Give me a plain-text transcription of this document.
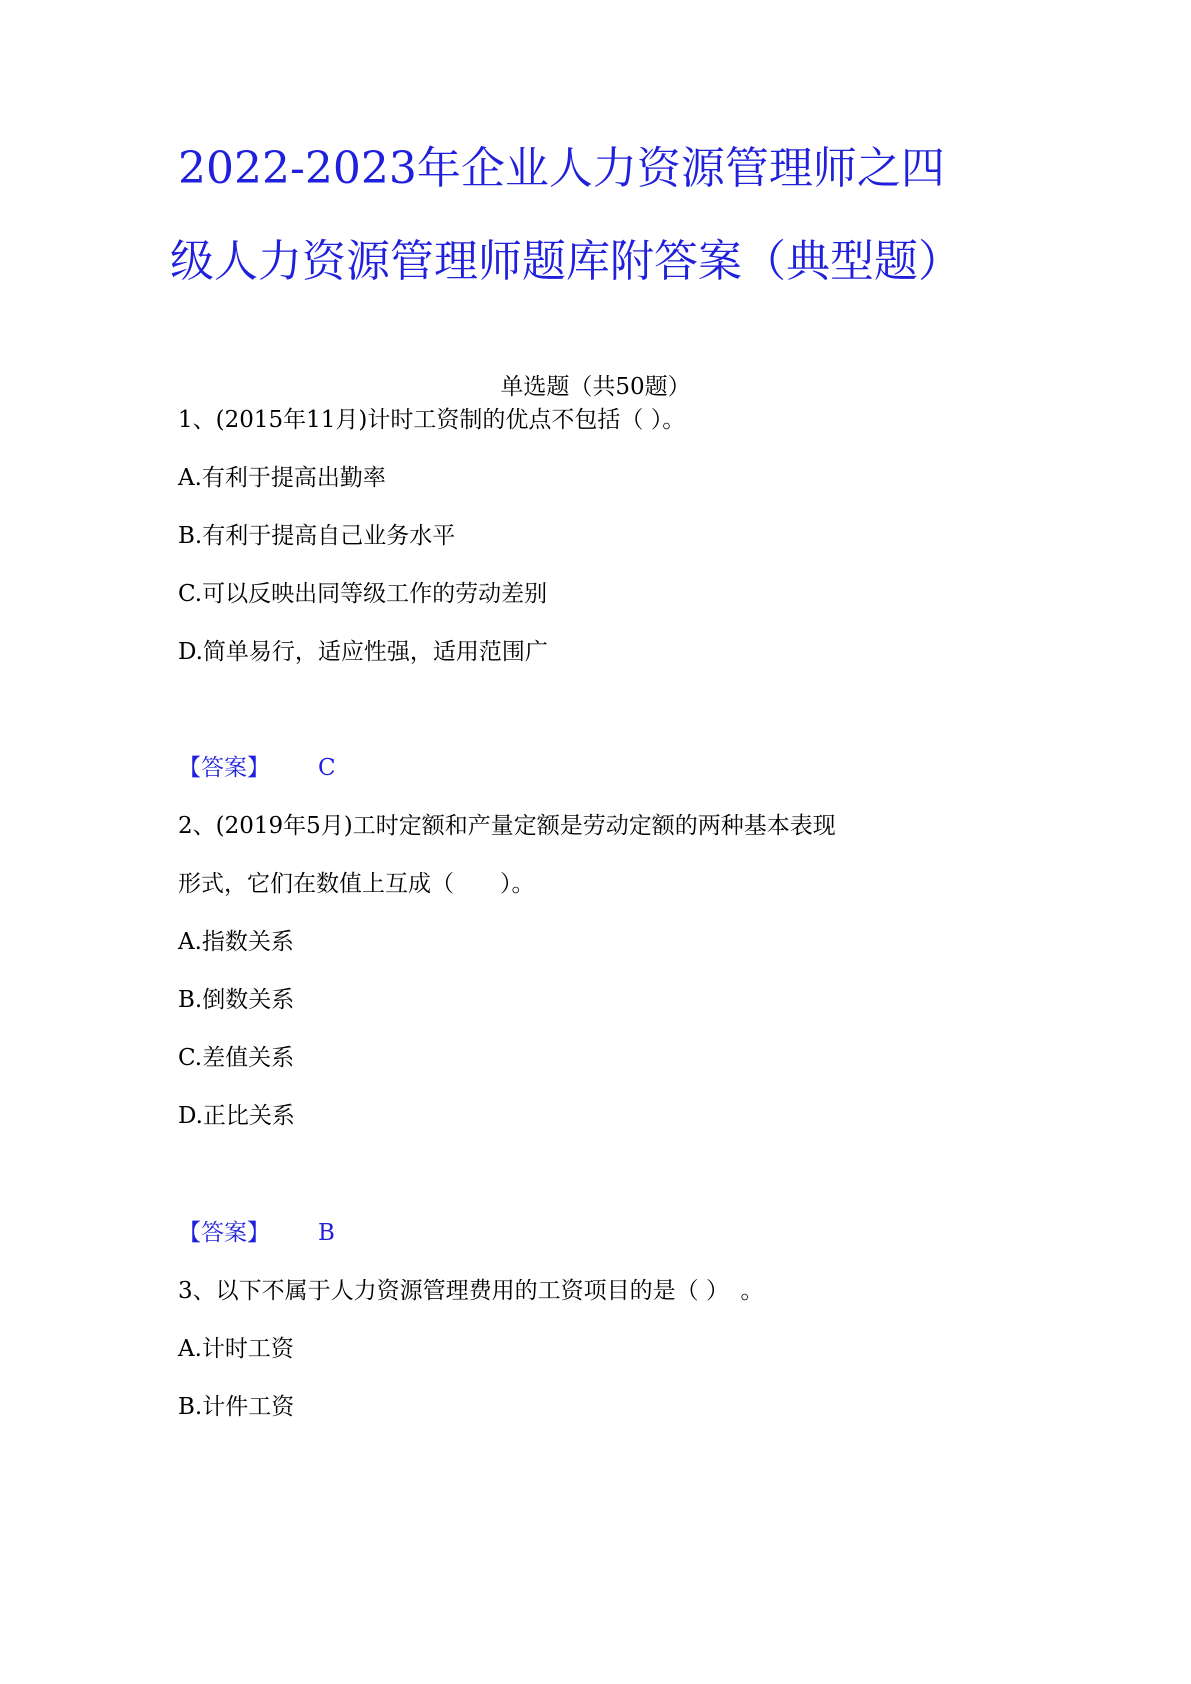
2022-2023年企业人力资源管理师之四
级人力资源管理师题库附答案（典型题）
单选题（共50题）
1、(2015年11月)计时工资制的优点不包括（ ）。
A.有利于提高出勤率
B.有利于提高自己业务水平
C.可以反映出同等级工作的劳动差别
D.简单易行，适应性强，适用范围广
【答案】 C
2、(2019年5月)工时定额和产量定额是劳动定额的两种基本表现
形式，它们在数值上互成（　　）。
A.指数关系
B.倒数关系
C.差值关系
D.正比关系
【答案】 B
3、以下不属于人力资源管理费用的工资项目的是（ ）　。
A.计时工资
B.计件工资
